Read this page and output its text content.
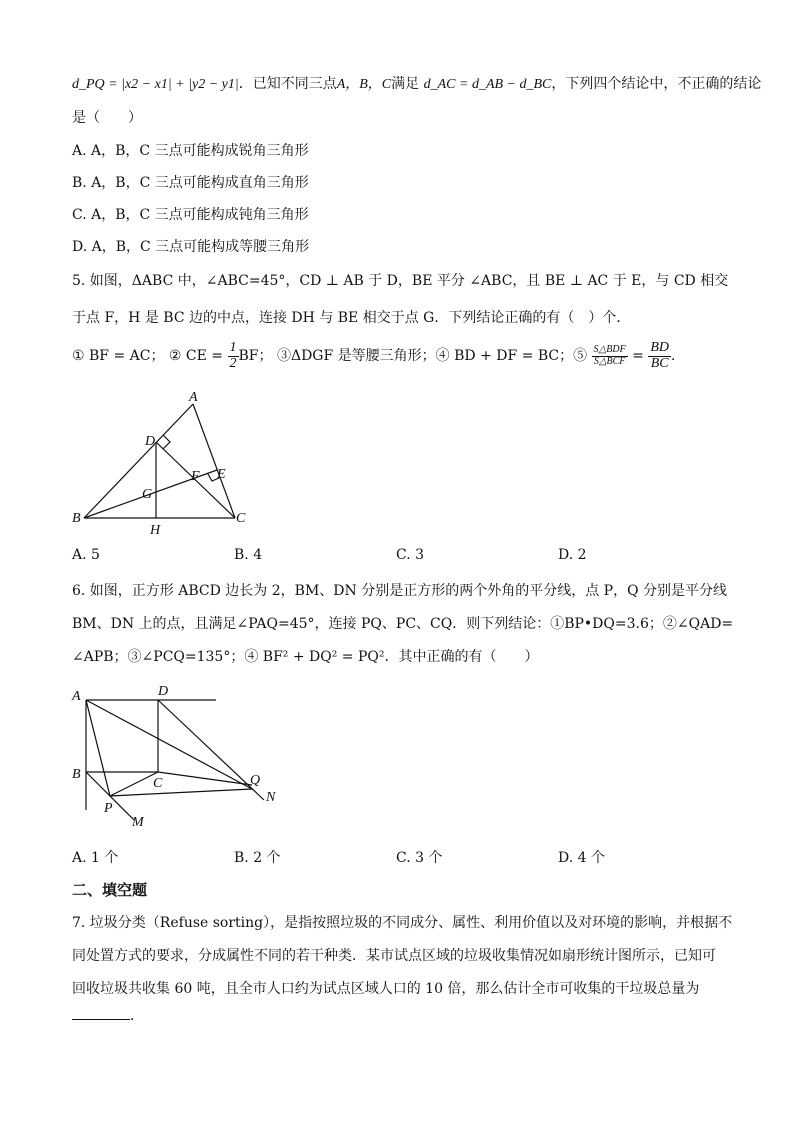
d_PQ = |x2 − x1| + |y2 − y1|．已知不同三点A，B，C满足 d_AC = d_AB − d_BC，下列四个结论中，不正确的结论
是（　　）
A. A，B，C 三点可能构成锐角三角形
B. A，B，C 三点可能构成直角三角形
C. A，B，C 三点可能构成钝角三角形
D. A，B，C 三点可能构成等腰三角形
5. 如图，ΔABC 中，∠ABC=45°，CD ⊥ AB 于 D，BE 平分 ∠ABC，且 BE ⊥ AC 于 E，与 CD 相交
于点 F，H 是 BC 边的中点，连接 DH 与 BE 相交于点 G．下列结论正确的有（　）个．
① BF = AC； ② CE = $\frac{1}{2}$ BF； ③ΔDGF 是等腰三角形；④ BD + DF = BC；⑤ $\frac{\text{S△BDF}}{\text{S△BCF}} = \frac{BD}{BC}$ ．
A
D
F E
G
B
H
C
A. 5	B. 4	C. 3	D. 2
6. 如图，正方形 ABCD 边长为 2，BM、DN 分别是正方形的两个外角的平分线，点 P，Q 分别是平分线
BM、DN 上的点，且满足∠PAQ=45°，连接 PQ、PC、CQ．则下列结论：①BP•DQ=3.6；②∠QAD=
∠APB；③∠PCQ=135°；④ BF² + DQ² = PQ²．其中正确的有（　　）
A	D
B
C	Q
N
P
M
A. 1 个	B. 2 个	C. 3 个	D. 4 个
二、填空题
7. 垃圾分类（Refuse sorting），是指按照垃圾的不同成分、属性、利用价值以及对环境的影响，并根据不
同处置方式的要求，分成属性不同的若干种类．某市试点区域的垃圾收集情况如扇形统计图所示，已知可
回收垃圾共收集 60 吨，且全市人口约为试点区域人口的 10 倍，那么估计全市可收集的干垃圾总量为
．
